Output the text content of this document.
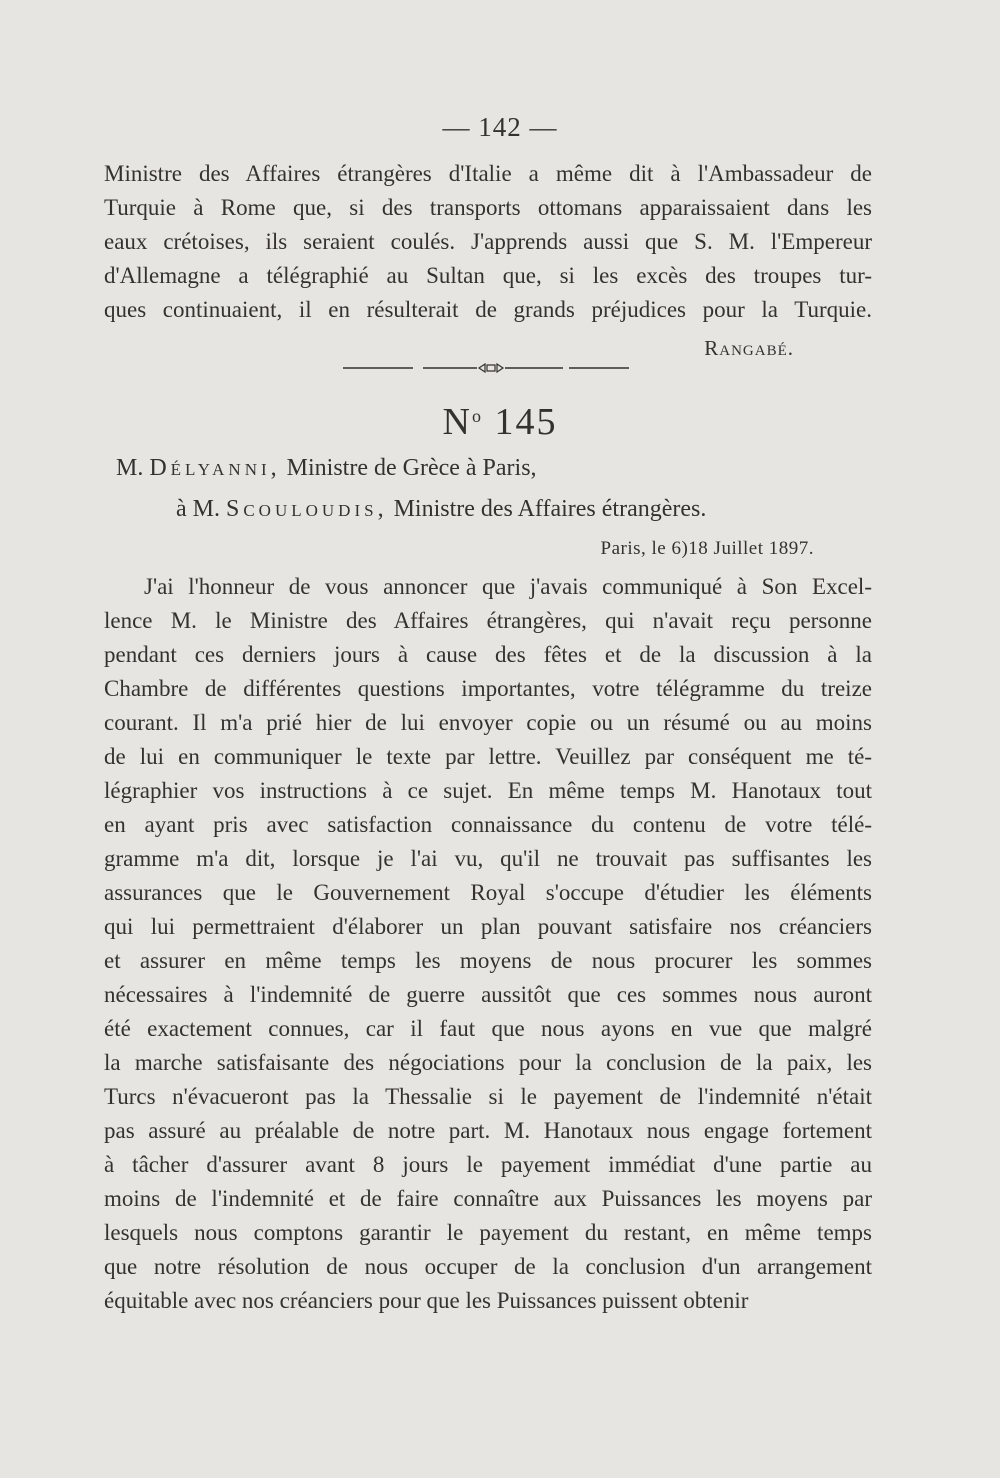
— 142 —
Ministre des Affaires étrangères d'Italie a même dit à l'Ambassadeur de
Turquie à Rome que, si des transports ottomans apparaissaient dans les
eaux crétoises, ils seraient coulés. J'apprends aussi que S. M. l'Empereur
d'Allemagne a télégraphié au Sultan que, si les excès des troupes tur-
ques continuaient, il en résulterait de grands préjudices pour la Turquie.
Rangabé.
$N^o$ 145
M. Délyanni, Ministre de Grèce à Paris,
à M. Scouloudis, Ministre des Affaires étrangères.
Paris, le 6)18 Juillet 1897.
J'ai l'honneur de vous annoncer que j'avais communiqué à Son Excel-
lence M. le Ministre des Affaires étrangères, qui n'avait reçu personne
pendant ces derniers jours à cause des fêtes et de la discussion à la
Chambre de différentes questions importantes, votre télégramme du treize
courant. Il m'a prié hier de lui envoyer copie ou un résumé ou au moins
de lui en communiquer le texte par lettre. Veuillez par conséquent me té-
légraphier vos instructions à ce sujet. En même temps M. Hanotaux tout
en ayant pris avec satisfaction connaissance du contenu de votre télé-
gramme m'a dit, lorsque je l'ai vu, qu'il ne trouvait pas suffisantes les
assurances que le Gouvernement Royal s'occupe d'étudier les éléments
qui lui permettraient d'élaborer un plan pouvant satisfaire nos créanciers
et assurer en même temps les moyens de nous procurer les sommes
nécessaires à l'indemnité de guerre aussitôt que ces sommes nous auront
été exactement connues, car il faut que nous ayons en vue que malgré
la marche satisfaisante des négociations pour la conclusion de la paix, les
Turcs n'évacueront pas la Thessalie si le payement de l'indemnité n'était
pas assuré au préalable de notre part. M. Hanotaux nous engage fortement
à tâcher d'assurer avant 8 jours le payement immédiat d'une partie au
moins de l'indemnité et de faire connaître aux Puissances les moyens par
lesquels nous comptons garantir le payement du restant, en même temps
que notre résolution de nous occuper de la conclusion d'un arrangement
équitable avec nos créanciers pour que les Puissances puissent obtenir
